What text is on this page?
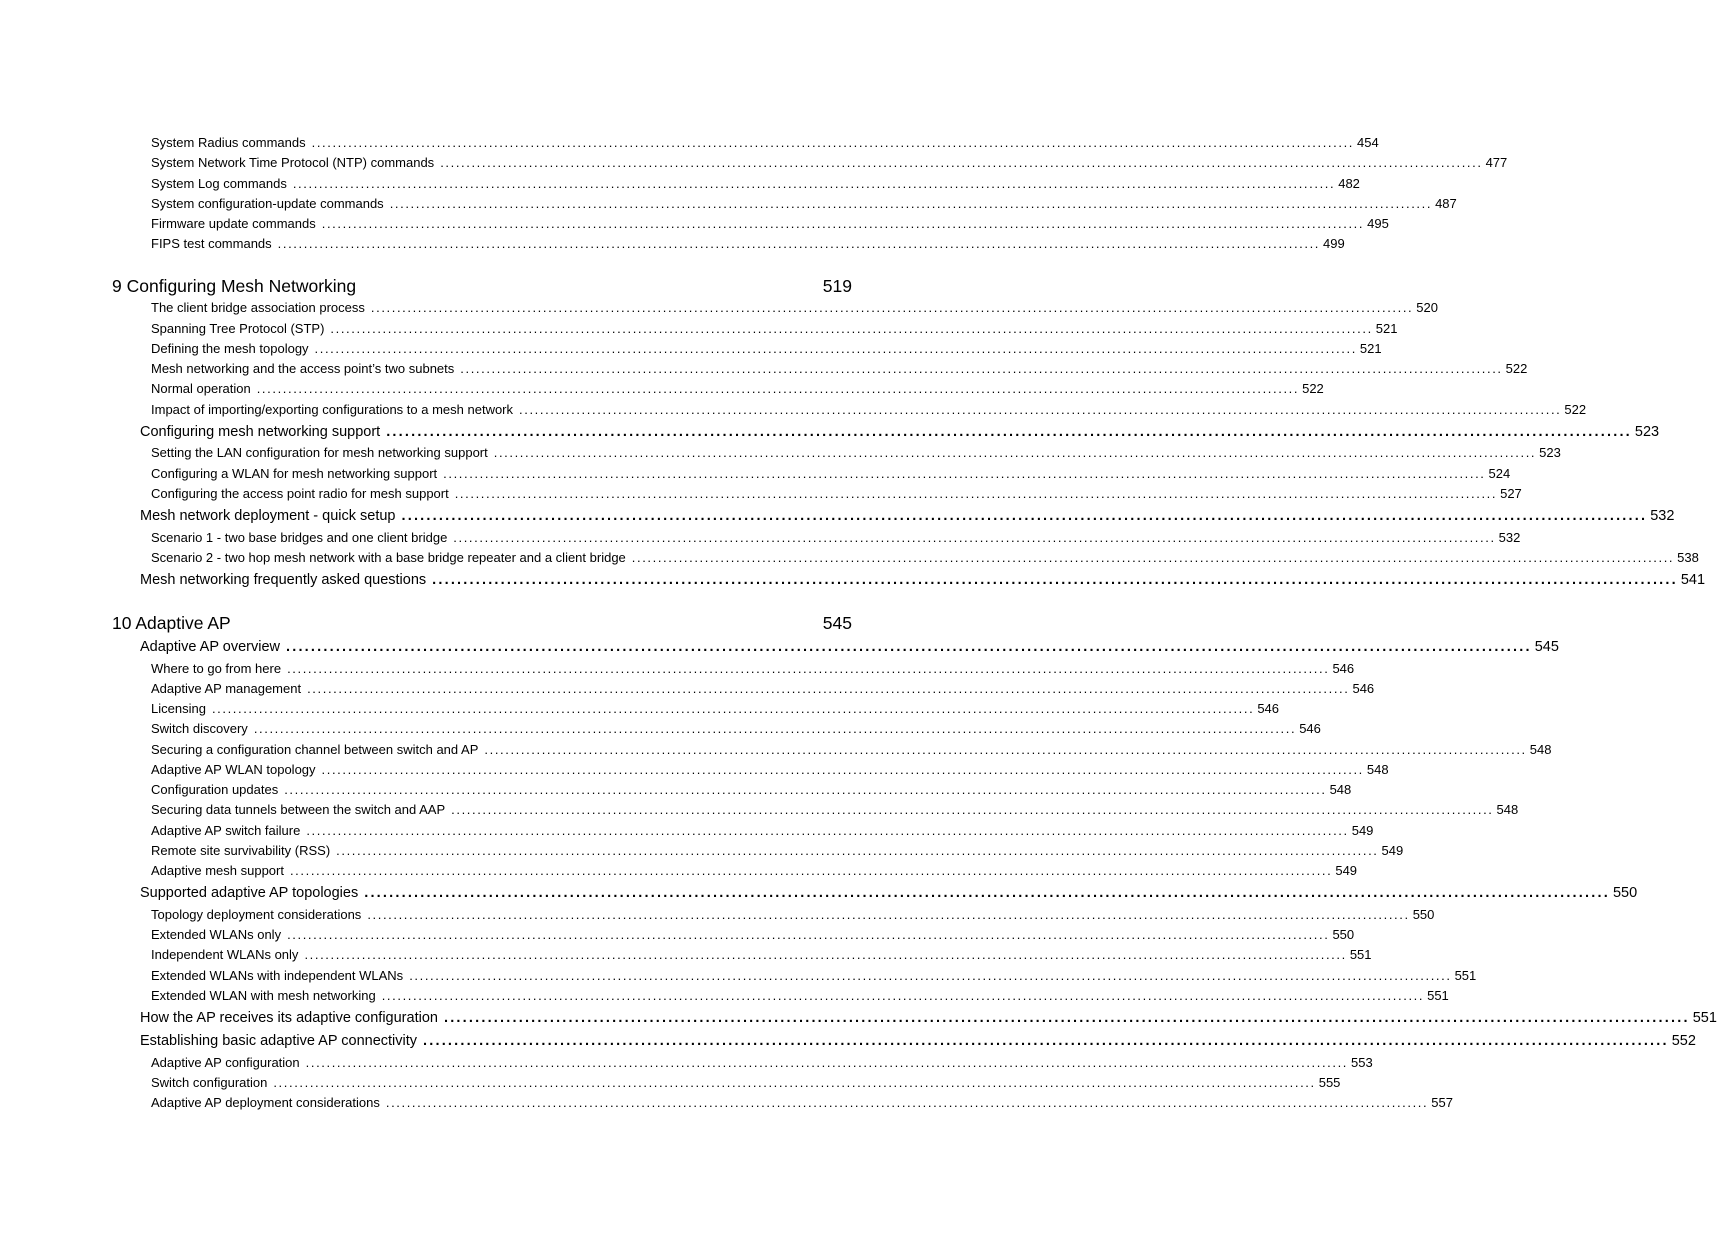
System Radius commands ........................................................................................................................................................................................................ 454
System Network Time Protocol (NTP) commands ........................................................................................................................................................................................................ 477
System Log commands ........................................................................................................................................................................................................ 482
System configuration-update commands ........................................................................................................................................................................................................ 487
Firmware update commands ........................................................................................................................................................................................................ 495
FIPS test commands ........................................................................................................................................................................................................ 499
9 Configuring Mesh Networking	519
The client bridge association process ........................................................................................................................................................................................................ 520
Spanning Tree Protocol (STP) ........................................................................................................................................................................................................ 521
Defining the mesh topology ........................................................................................................................................................................................................ 521
Mesh networking and the access point’s two subnets ........................................................................................................................................................................................................ 522
Normal operation ........................................................................................................................................................................................................ 522
Impact of importing/exporting configurations to a mesh network ........................................................................................................................................................................................................ 522
Configuring mesh networking support ........................................................................................................................................................................................................ 523
Setting the LAN configuration for mesh networking support ........................................................................................................................................................................................................ 523
Configuring a WLAN for mesh networking support ........................................................................................................................................................................................................ 524
Configuring the access point radio for mesh support ........................................................................................................................................................................................................ 527
Mesh network deployment - quick setup ........................................................................................................................................................................................................ 532
Scenario 1 - two base bridges and one client bridge ........................................................................................................................................................................................................ 532
Scenario 2 - two hop mesh network with a base bridge repeater and a client bridge ........................................................................................................................................................................................................ 538
Mesh networking frequently asked questions ........................................................................................................................................................................................................ 541
10 Adaptive AP	545
Adaptive AP overview ........................................................................................................................................................................................................ 545
Where to go from here ........................................................................................................................................................................................................ 546
Adaptive AP management ........................................................................................................................................................................................................ 546
Licensing ........................................................................................................................................................................................................ 546
Switch discovery ........................................................................................................................................................................................................ 546
Securing a configuration channel between switch and AP ........................................................................................................................................................................................................ 548
Adaptive AP WLAN topology ........................................................................................................................................................................................................ 548
Configuration updates ........................................................................................................................................................................................................ 548
Securing data tunnels between the switch and AAP ........................................................................................................................................................................................................ 548
Adaptive AP switch failure ........................................................................................................................................................................................................ 549
Remote site survivability (RSS) ........................................................................................................................................................................................................ 549
Adaptive mesh support ........................................................................................................................................................................................................ 549
Supported adaptive AP topologies ........................................................................................................................................................................................................ 550
Topology deployment considerations ........................................................................................................................................................................................................ 550
Extended WLANs only ........................................................................................................................................................................................................ 550
Independent WLANs only ........................................................................................................................................................................................................ 551
Extended WLANs with independent WLANs ........................................................................................................................................................................................................ 551
Extended WLAN with mesh networking ........................................................................................................................................................................................................ 551
How the AP receives its adaptive configuration ........................................................................................................................................................................................................ 551
Establishing basic adaptive AP connectivity ........................................................................................................................................................................................................ 552
Adaptive AP configuration ........................................................................................................................................................................................................ 553
Switch configuration ........................................................................................................................................................................................................ 555
Adaptive AP deployment considerations ........................................................................................................................................................................................................ 557
